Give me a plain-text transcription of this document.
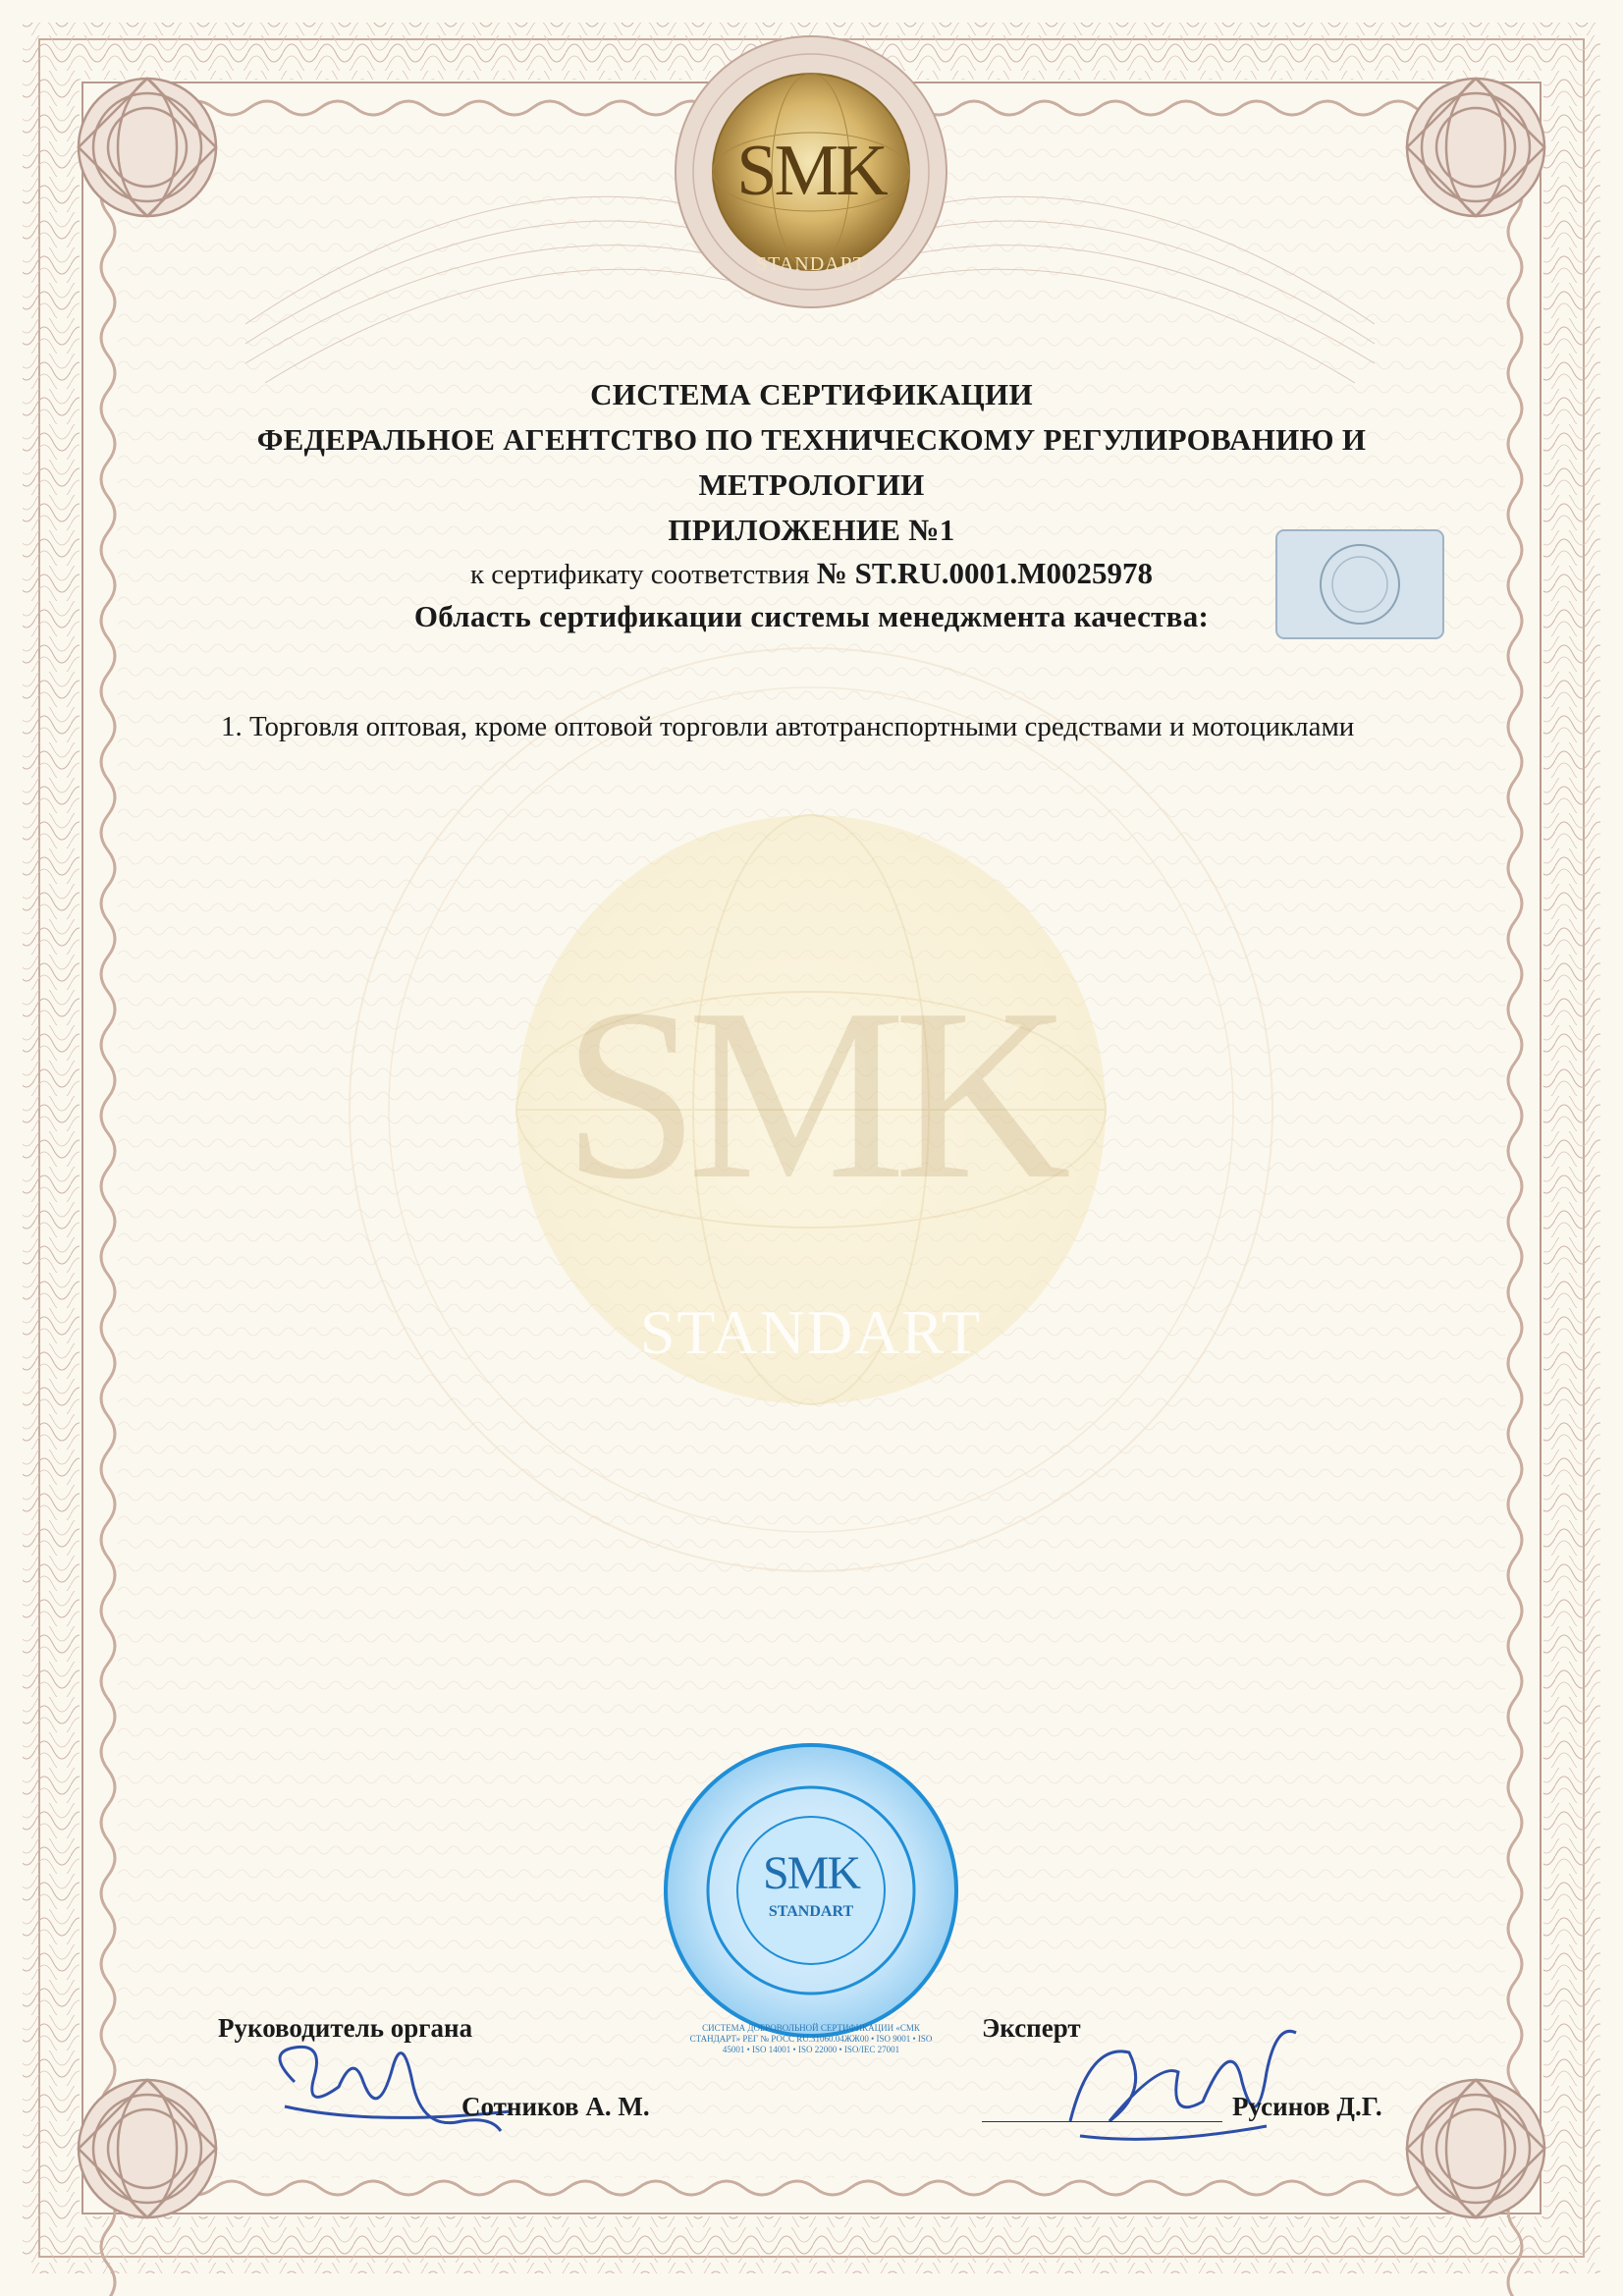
SMK
STANDART
SMK
STANDART
СИСТЕМА СЕРТИФИКАЦИИ
ФЕДЕРАЛЬНОЕ АГЕНТСТВО ПО ТЕХНИЧЕСКОМУ РЕГУЛИРОВАНИЮ И
МЕТРОЛОГИИ
ПРИЛОЖЕНИЕ №1
к сертификату соответствия № ST.RU.0001.М0025978
Область сертификации системы менеджмента качества:
1. Торговля оптовая, кроме оптовой торговли автотранспортными средствами и мотоциклами
SMK
STANDART
СИСТЕМА ДОБРОВОЛЬНОЙ СЕРТИФИКАЦИИ «СМК СТАНДАРТ» РЕГ № РОСС RU.31060.04ЖЖ00 • ISO 9001 • ISO 45001 • ISO 14001 • ISO 22000 • ISO/IEC 27001
Руководитель органа
Сотников А. М.
Эксперт
Русинов Д.Г.
